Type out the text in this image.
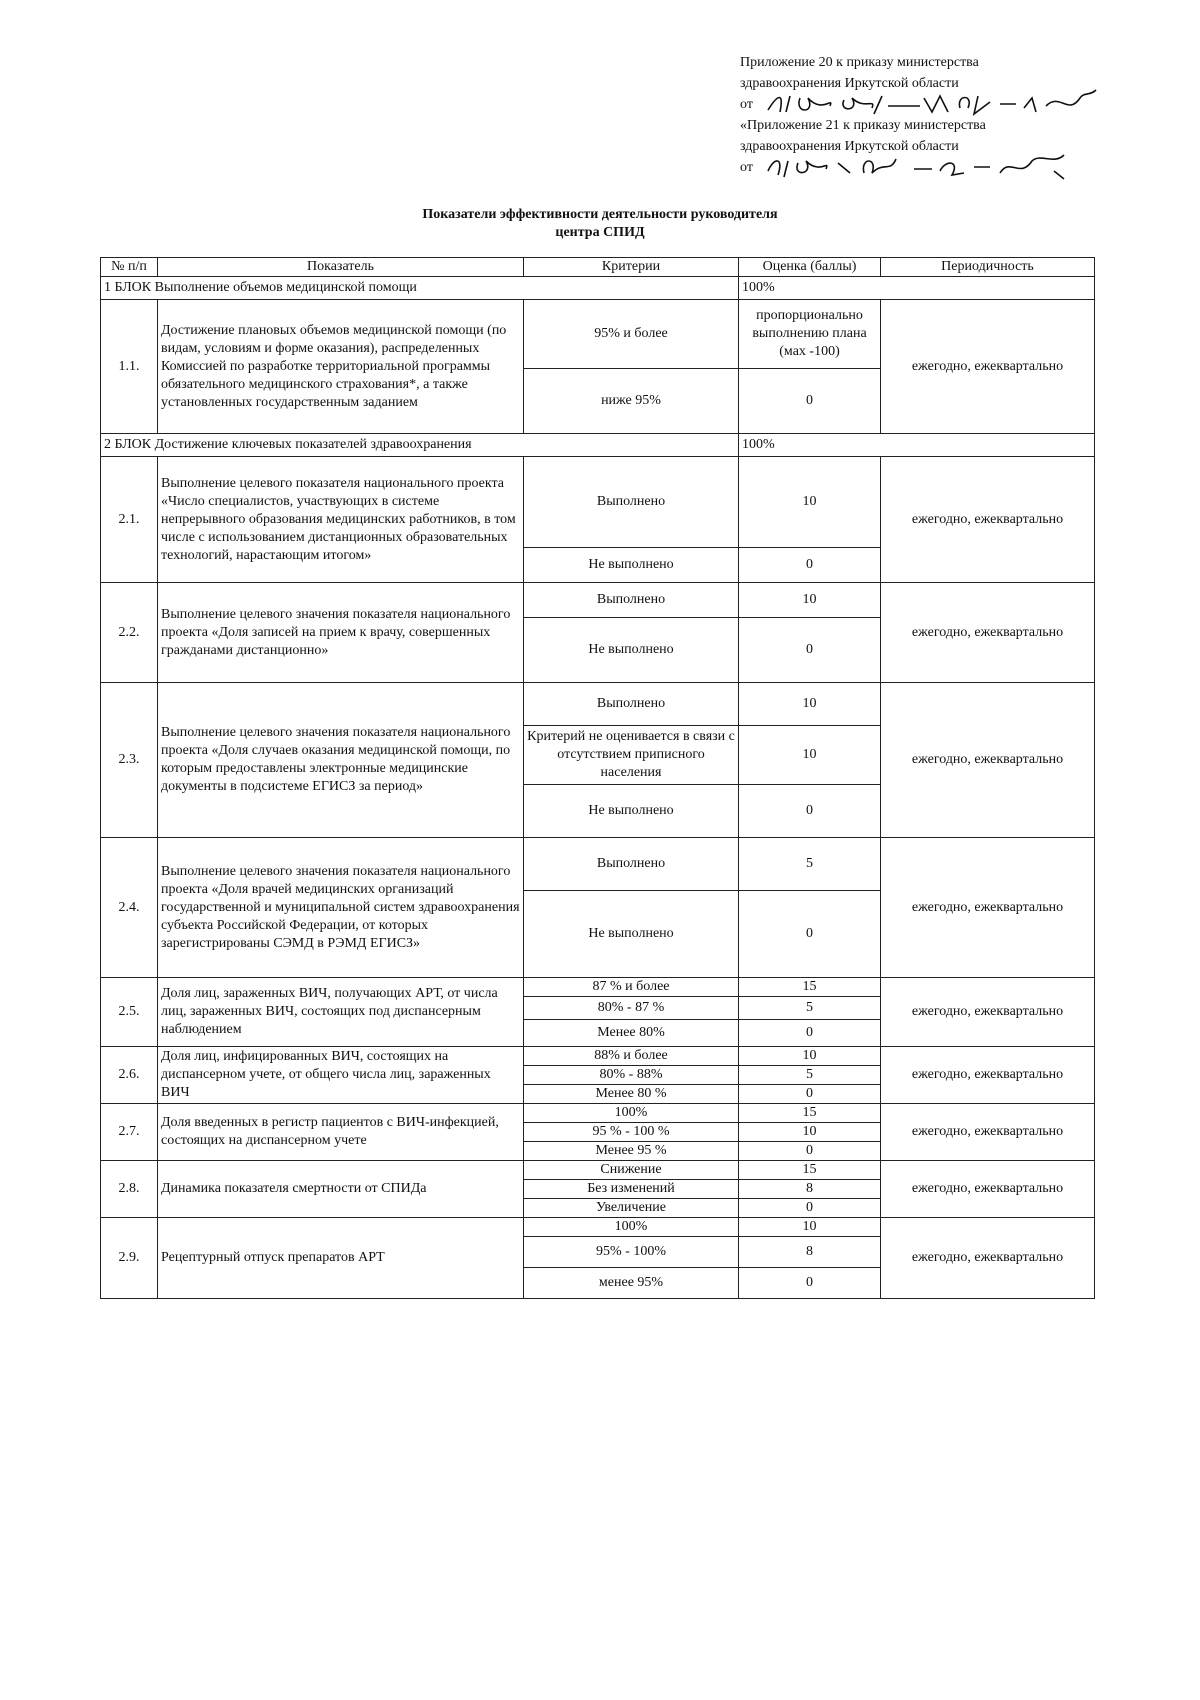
Приложение 20 к приказу министерства
здравоохранения Иркутской области
от
«Приложение 21 к приказу министерства
здравоохранения Иркутской области
от
Показатели эффективности деятельности руководителя
центра СПИД
№ п/п	Показатель	Критерии	Оценка (баллы)	Периодичность
1 БЛОК Выполнение объемов медицинской помощи			100%	
1.1.	Достижение плановых объемов медицинской помощи (по видам, условиям и форме оказания), распределенных Комиссией по разработке территориальной программы обязательного медицинского страхования*, а также установленных государственным заданием	95% и более	пропорционально выполнению плана (мах -100)	ежегодно, ежеквартально
		ниже 95%	0	
2 БЛОК Достижение ключевых показателей здравоохранения			100%	
2.1.	Выполнение целевого показателя национального проекта «Число специалистов, участвующих в системе непрерывного образования медицинских работников, в том числе с использованием дистанционных образовательных технологий, нарастающим итогом»	Выполнено	10	ежегодно, ежеквартально
		Не выполнено	0	
2.2.	Выполнение целевого значения показателя национального проекта «Доля записей на прием к врачу, совершенных гражданами дистанционно»	Выполнено	10	ежегодно, ежеквартально
		Не выполнено	0	
2.3.	Выполнение целевого значения показателя национального проекта «Доля случаев оказания медицинской помощи, по которым предоставлены электронные медицинские документы в подсистеме ЕГИСЗ за период»	Выполнено	10	ежегодно, ежеквартально
		Критерий не оценивается в связи с отсутствием приписного населения	10	
		Не выполнено	0	
2.4.	Выполнение целевого значения показателя национального проекта «Доля врачей медицинских организаций государственной и муниципальной систем здравоохранения субъекта Российской Федерации, от которых зарегистрированы СЭМД в РЭМД ЕГИСЗ»	Выполнено	5	ежегодно, ежеквартально
		Не выполнено	0	
2.5.	Доля лиц, зараженных ВИЧ, получающих АРТ, от числа лиц, зараженных ВИЧ, состоящих под диспансерным наблюдением	87 % и более	15	ежегодно, ежеквартально
		80% - 87 %	5	
		Менее 80%	0	
2.6.	Доля лиц, инфицированных ВИЧ, состоящих на диспансерном учете, от общего числа лиц, зараженных ВИЧ	88% и более	10	ежегодно, ежеквартально
		80% - 88%	5	
		Менее 80 %	0	
2.7.	Доля введенных в регистр пациентов с ВИЧ-инфекцией, состоящих на диспансерном учете	100%	15	ежегодно, ежеквартально
		95 % - 100 %	10	
		Менее 95 %	0	
2.8.	Динамика показателя смертности от СПИДа	Снижение	15	ежегодно, ежеквартально
		Без изменений	8	
		Увеличение	0	
2.9.	Рецептурный отпуск препаратов АРТ	100%	10	ежегодно, ежеквартально
		95% - 100%	8	
		менее 95%	0	
